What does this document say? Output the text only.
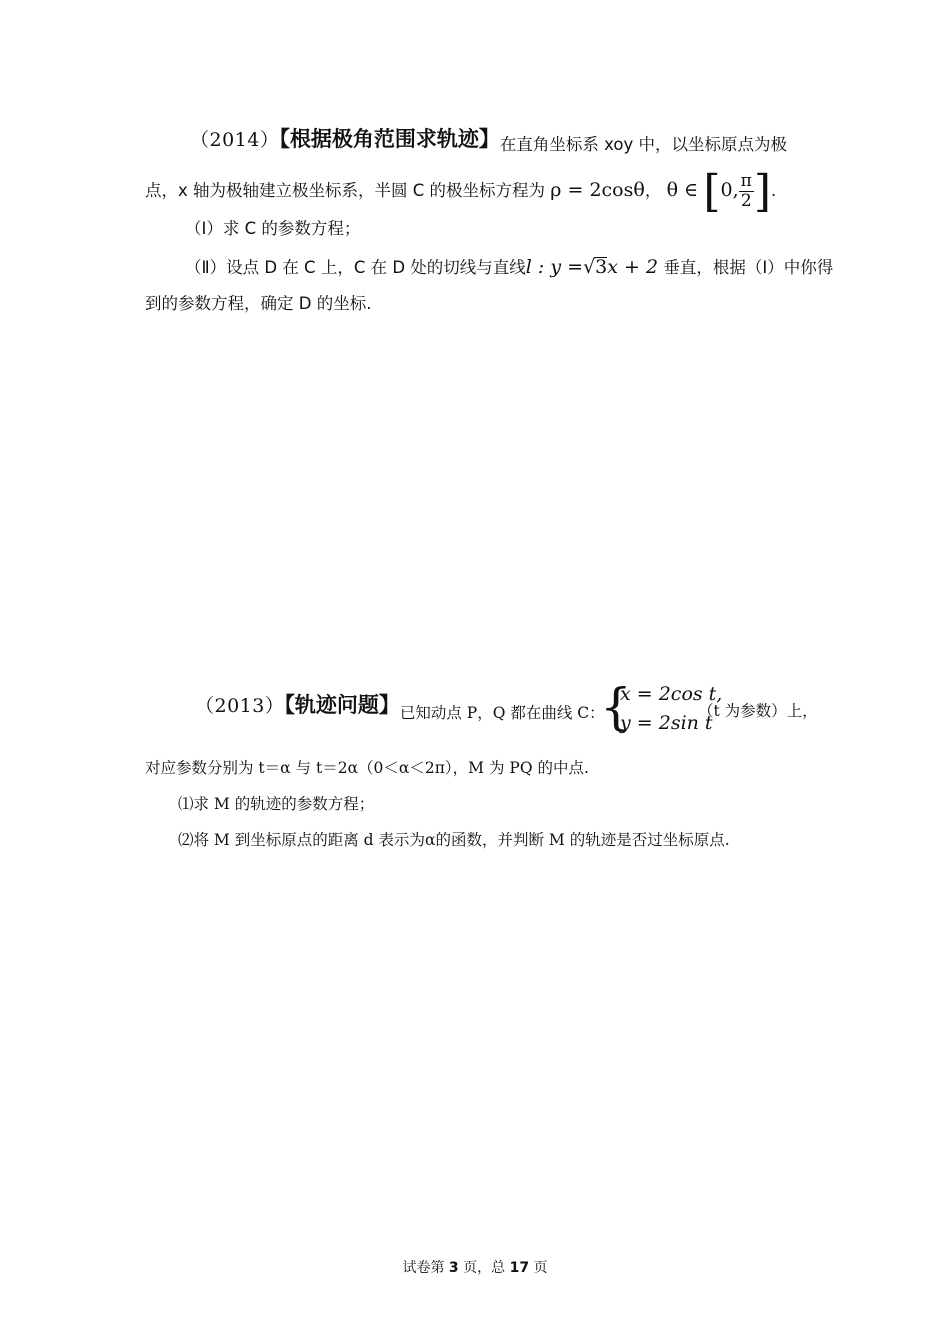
（2014）【根据极角范围求轨迹】在直角坐标系 xoy 中，以坐标原点为极
点，x 轴为极轴建立极坐标系，半圆 C 的极坐标方程为 ρ = 2cosθ， θ ∈ [0, $\frac{\pi}{2}$ ].
（Ⅰ）求 C 的参数方程；
（Ⅱ）设点 D 在 C 上，C 在 D 处的切线与直线l : y =√3x + 2 垂直，根据（Ⅰ）中你得
到的参数方程，确定 D 的坐标.
（2013）【轨迹问题】已知动点 P，Q 都在曲线 C：
{
x = 2cos t,
y = 2sin t
（t 为参数）上，
对应参数分别为 t＝α 与 t＝2α（0＜α＜2π），M 为 PQ 的中点.
⑴求 M 的轨迹的参数方程；
⑵将 M 到坐标原点的距离 d 表示为α的函数，并判断 M 的轨迹是否过坐标原点.
试卷第 3 页，总 17 页
